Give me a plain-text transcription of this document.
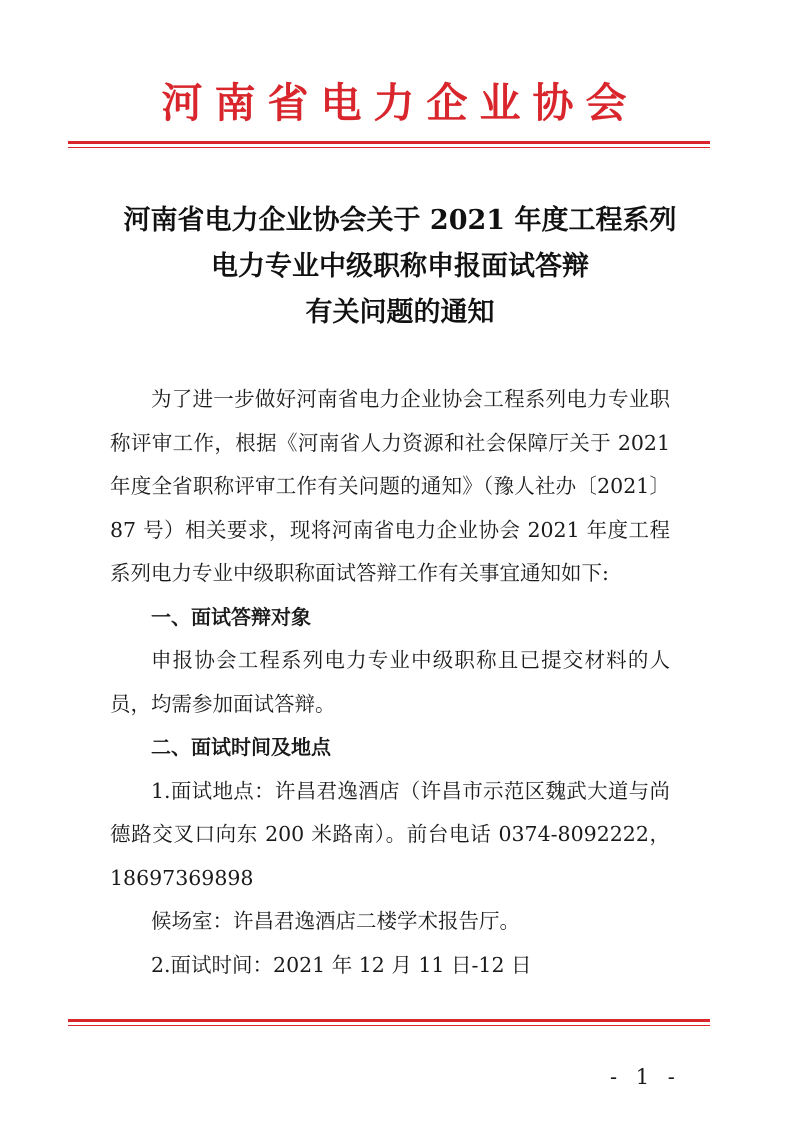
河南省电力企业协会
河南省电力企业协会关于 2021 年度工程系列
电力专业中级职称申报面试答辩
有关问题的通知

为了进一步做好河南省电力企业协会工程系列电力专业职称评审工作，根据《河南省人力资源和社会保障厅关于 2021 年度全省职称评审工作有关问题的通知》（豫人社办〔2021〕87 号）相关要求，现将河南省电力企业协会 2021 年度工程系列电力专业中级职称面试答辩工作有关事宜通知如下:

一、面试答辩对象

申报协会工程系列电力专业中级职称且已提交材料的人员，均需参加面试答辩。

二、面试时间及地点

1.面试地点：许昌君逸酒店（许昌市示范区魏武大道与尚德路交叉口向东 200 米路南）。前台电话 0374-8092222，18697369898

候场室：许昌君逸酒店二楼学术报告厅。

2.面试时间：2021 年 12 月 11 日-12 日

- 1 -
